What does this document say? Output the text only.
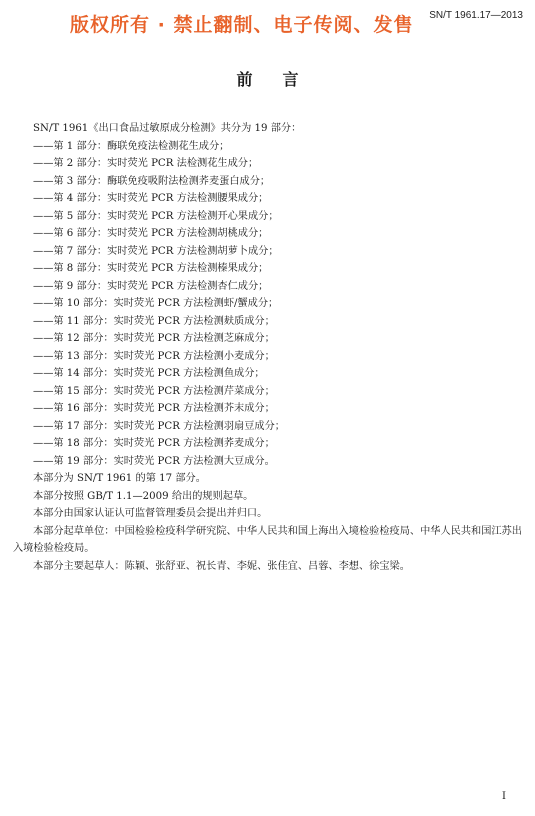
版权所有 · 禁止翻制、电子传阅、发售 SN/T 1961.17—2013
前言

SN/T 1961《出口食品过敏原成分检测》共分为 19 部分：

——第 1 部分：酶联免疫法检测花生成分；

——第 2 部分：实时荧光 PCR 法检测花生成分；

——第 3 部分：酶联免疫吸附法检测荞麦蛋白成分；

——第 4 部分：实时荧光 PCR 方法检测腰果成分；

——第 5 部分：实时荧光 PCR 方法检测开心果成分；

——第 6 部分：实时荧光 PCR 方法检测胡桃成分；

——第 7 部分：实时荧光 PCR 方法检测胡萝卜成分；

——第 8 部分：实时荧光 PCR 方法检测榛果成分；

——第 9 部分：实时荧光 PCR 方法检测杏仁成分；

——第 10 部分：实时荧光 PCR 方法检测虾/蟹成分；

——第 11 部分：实时荧光 PCR 方法检测麸质成分；

——第 12 部分：实时荧光 PCR 方法检测芝麻成分；

——第 13 部分：实时荧光 PCR 方法检测小麦成分；

——第 14 部分：实时荧光 PCR 方法检测鱼成分；

——第 15 部分：实时荧光 PCR 方法检测芹菜成分；

——第 16 部分：实时荧光 PCR 方法检测芥末成分；

——第 17 部分：实时荧光 PCR 方法检测羽扇豆成分；

——第 18 部分：实时荧光 PCR 方法检测荞麦成分；

——第 19 部分：实时荧光 PCR 方法检测大豆成分。

本部分为 SN/T 1961 的第 17 部分。

本部分按照 GB/T 1.1—2009 给出的规则起草。

本部分由国家认证认可监督管理委员会提出并归口。

本部分起草单位：中国检验检疫科学研究院、中华人民共和国上海出入境检验检疫局、中华人民共和国江苏出入境检验检疫局。

本部分主要起草人：陈颖、张舒亚、祝长青、李妮、张佳宜、吕蓉、李想、徐宝梁。

I
